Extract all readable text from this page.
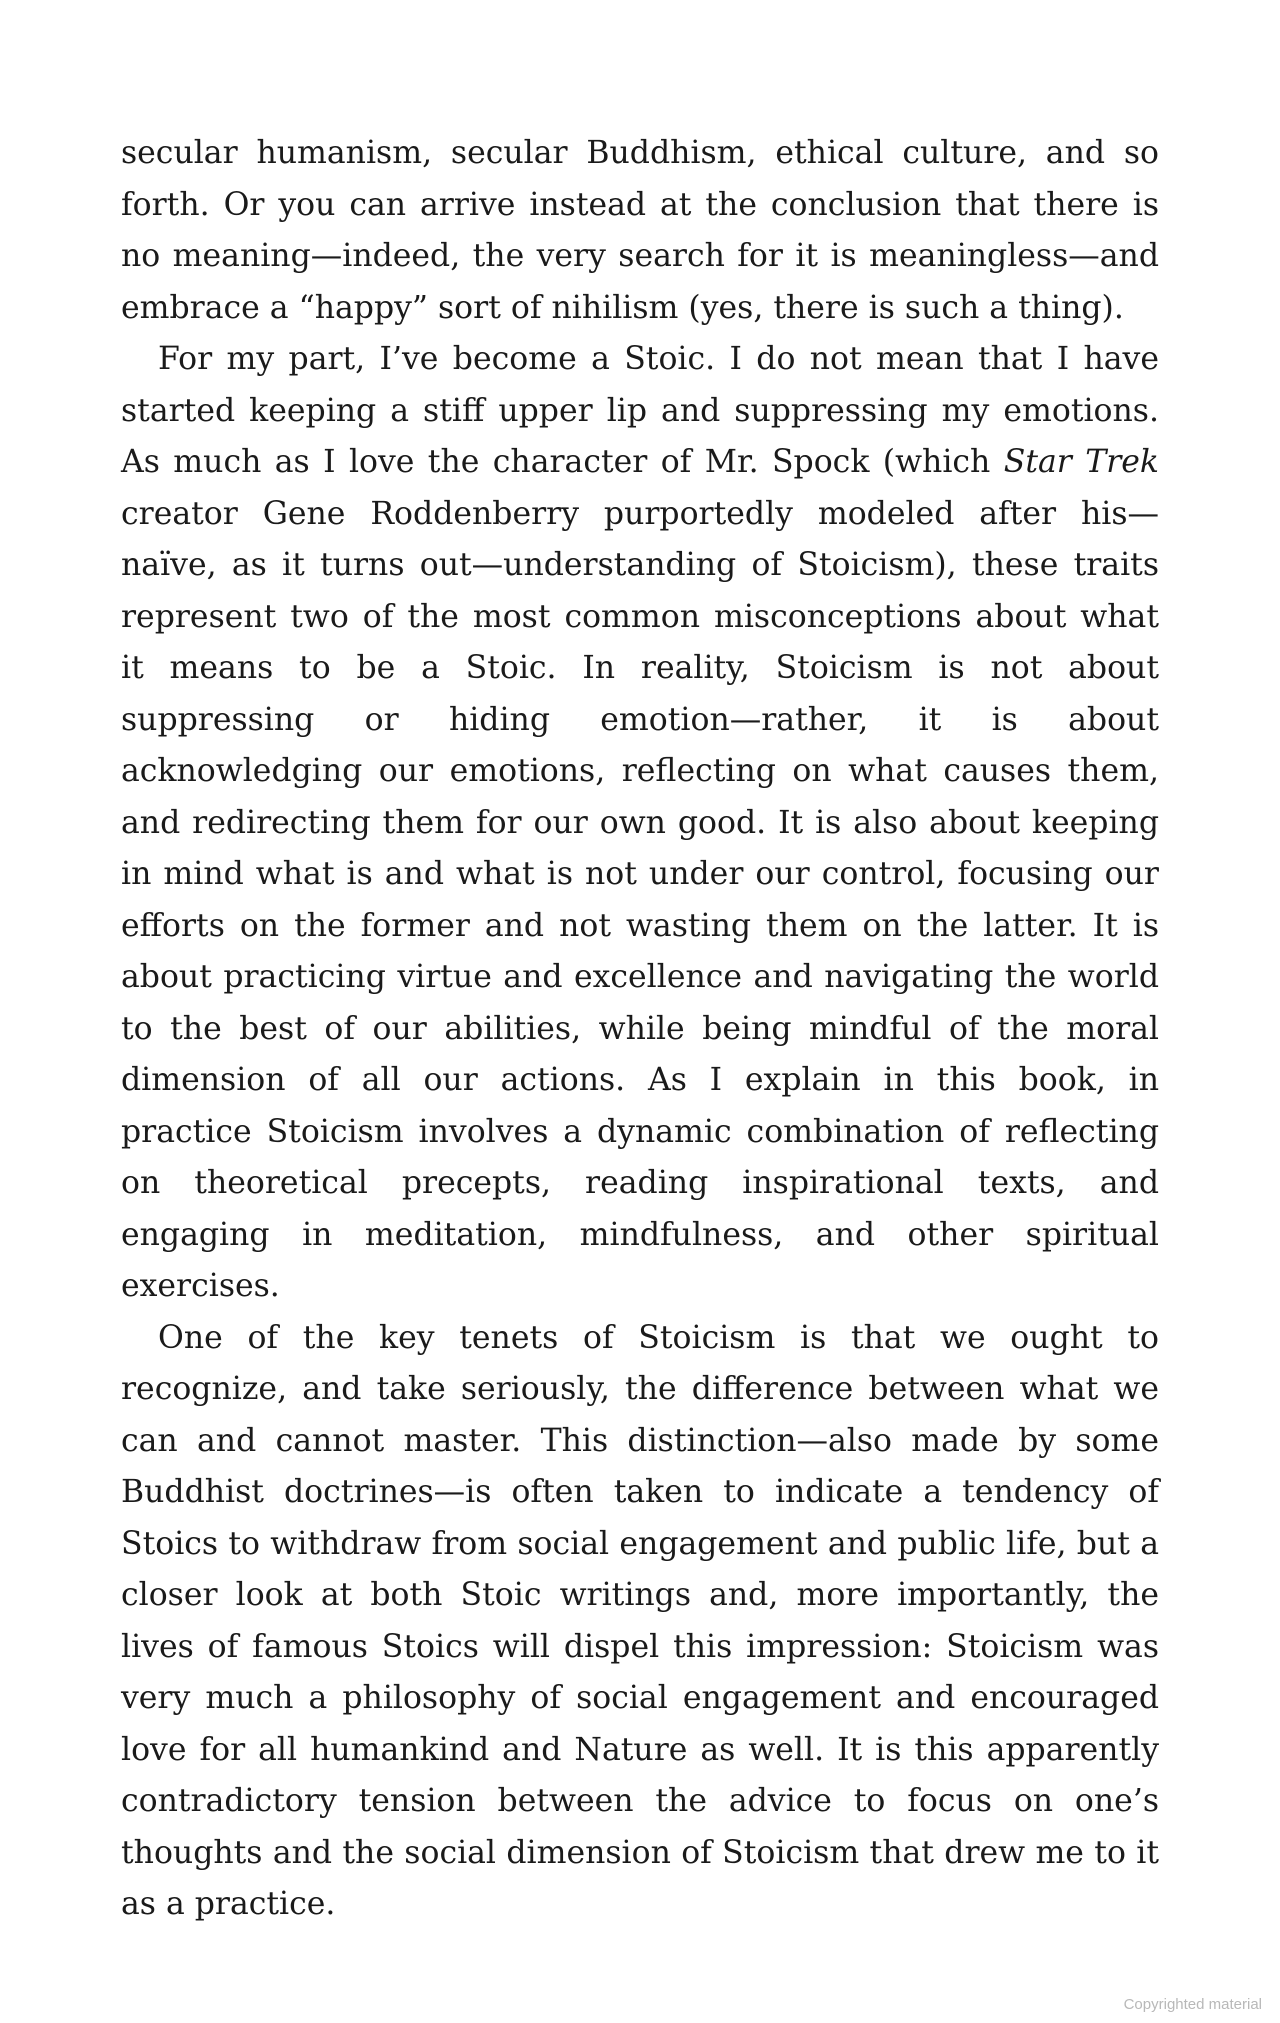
secular humanism, secular Buddhism, ethical culture, and so forth. Or you can arrive instead at the conclusion that there is no meaning—indeed, the very search for it is meaningless—and embrace a “happy” sort of nihilism (yes, there is such a thing).

For my part, I’ve become a Stoic. I do not mean that I have started keeping a stiff upper lip and suppressing my emotions. As much as I love the character of Mr. Spock (which Star Trek creator Gene Roddenberry purportedly modeled after his—naïve, as it turns out—understanding of Stoicism), these traits represent two of the most common misconceptions about what it means to be a Stoic. In reality, Stoicism is not about suppressing or hiding emotion—rather, it is about acknowledging our emotions, reflecting on what causes them, and redirecting them for our own good. It is also about keeping in mind what is and what is not under our control, focusing our efforts on the former and not wasting them on the latter. It is about practicing virtue and excellence and navigating the world to the best of our abilities, while being mindful of the moral dimension of all our actions. As I explain in this book, in practice Stoicism involves a dynamic combination of reflecting on theoretical precepts, reading inspirational texts, and engaging in meditation, mindfulness, and other spiritual exercises.

One of the key tenets of Stoicism is that we ought to recognize, and take seriously, the difference between what we can and cannot master. This distinction—also made by some Buddhist doctrines—is often taken to indicate a tendency of Stoics to withdraw from social engagement and public life, but a closer look at both Stoic writings and, more importantly, the lives of famous Stoics will dispel this impression: Stoicism was very much a philosophy of social engagement and encouraged love for all humankind and Nature as well. It is this apparently contradictory tension between the advice to focus on one’s thoughts and the social dimension of Stoicism that drew me to it as a practice.

Copyrighted material
